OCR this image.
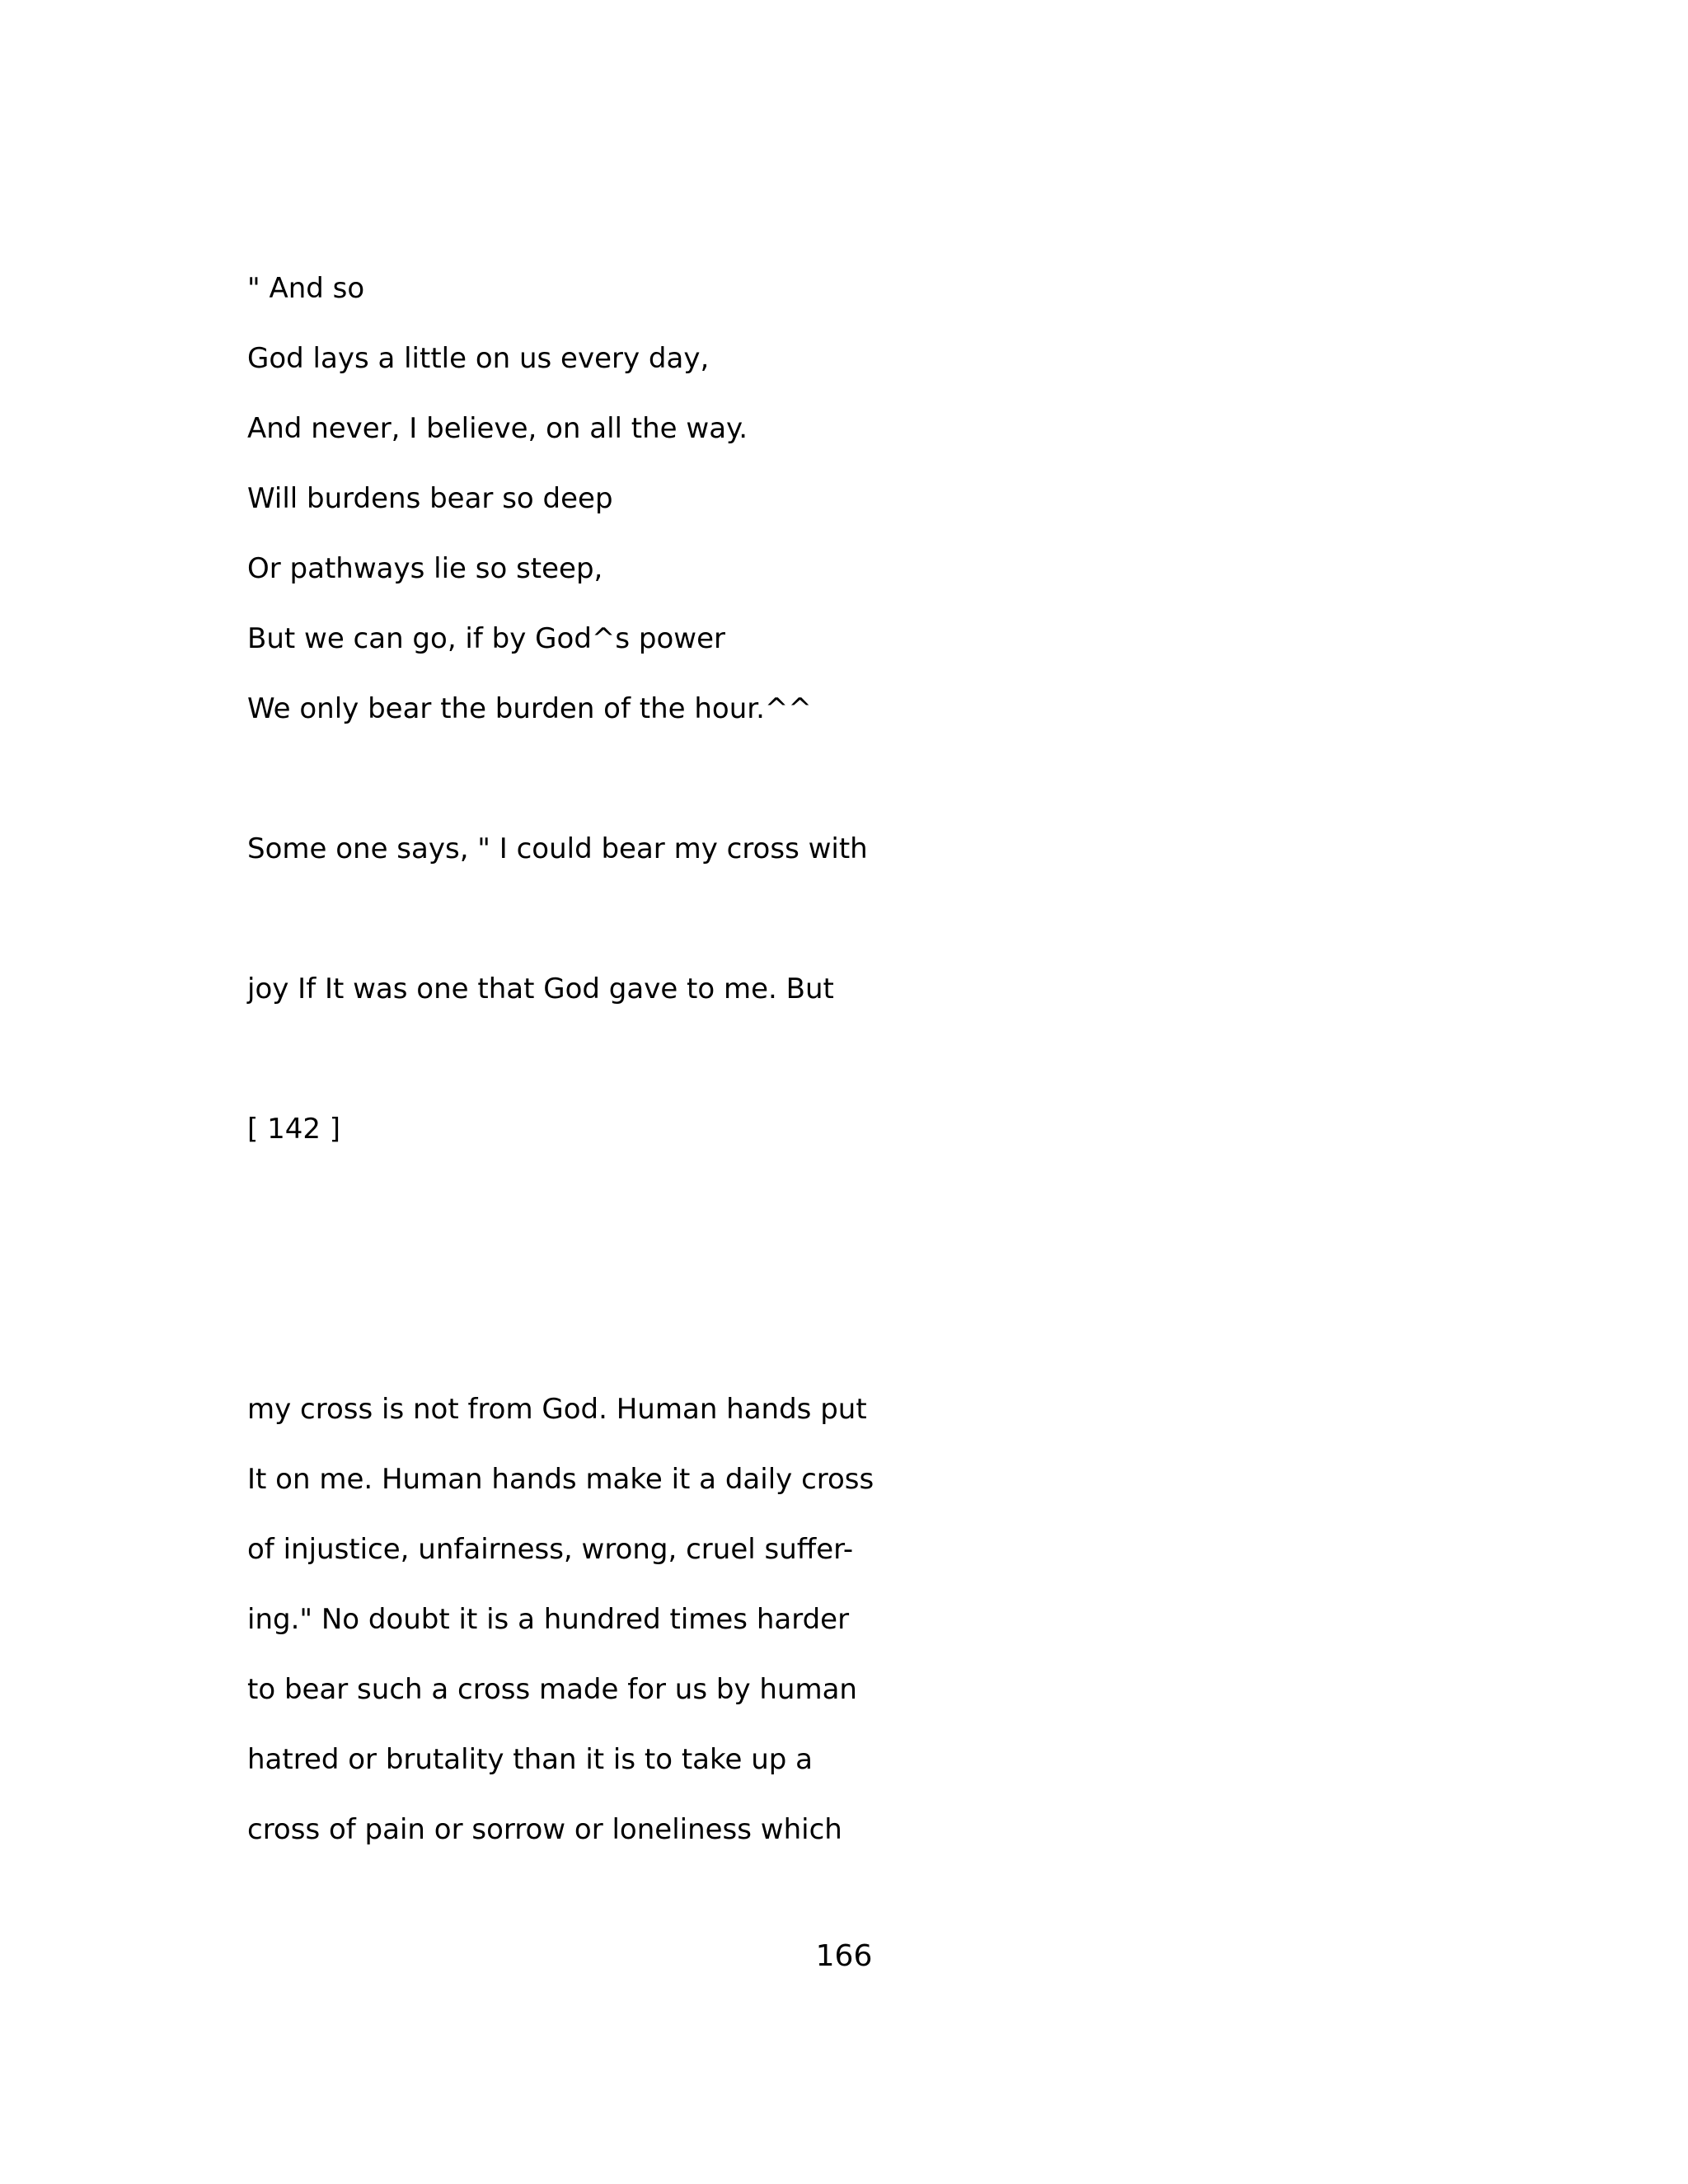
" And so
God lays a little on us every day,
And never, I believe, on all the way.
Will burdens bear so deep
Or pathways lie so steep,
But we can go, if by God^s power
We only bear the burden of the hour.^^
Some one says, " I could bear my cross with
joy If It was one that God gave to me. But
[ 142 ]
my cross is not from God. Human hands put
It on me. Human hands make it a daily cross
of injustice, unfairness, wrong, cruel suffer-
ing." No doubt it is a hundred times harder
to bear such a cross made for us by human
hatred or brutality than it is to take up a
cross of pain or sorrow or loneliness which
166
